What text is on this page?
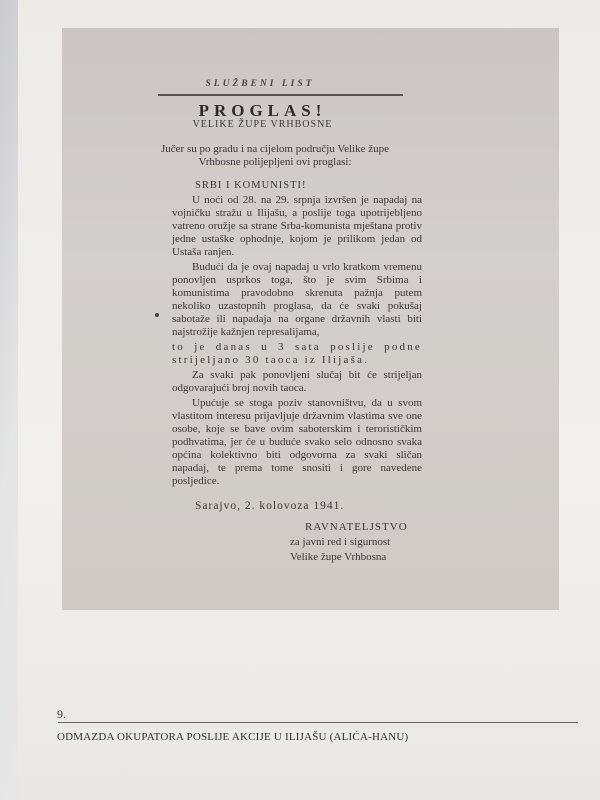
SLUŽBENI LIST
PROGLAS!
VELIKE ŽUPE VRHBOSNE
Jučer su po gradu i na cijelom području Velike župe Vrhbosne polijepljeni ovi proglasi:
SRBI I KOMUNISTI!
U noći od 28. na 29. srpnja izvršen je napadaj na vojničku stražu u Ilijašu, a poslije toga upotrijebljeno vatreno oružje sa strane Srba-komunista mještana protiv jedne ustaške ophodnje, kojom je prilikom jedan od Ustaša ranjen.
Budući da je ovaj napadaj u vrlo kratkom vremenu ponovljen usprkos toga, što je svim Srbima i komunistima pravodobno skrenuta pažnja putem nekoliko uzastopnih proglasa, da će svaki pokušaj sabotaže ili napadaja na organe državnih vlasti biti najstrožije kažnjen represalijama,
to je danas u 3 sata poslije podne strijeljano 30 taoca iz Ilijaša.
Za svaki pak ponovljeni slučaj bit će strijeljan odgovarajući broj novih taoca.
Upućuje se stoga poziv stanovništvu, da u svom vlastitom interesu prijavljuje državnim vlastima sve one osobe, koje se bave ovim saboterskim i terorističkim podhvatima, jer će u buduće svako selo odnosno svaka općina kolektivno biti odgovorna za svaki sličan napadaj, te prema tome snositi i gore navedene posljedice.
Sarajvo, 2. kolovoza 1941.
RAVNATELJSTVO
za javni red i sigurnost
Velike župe Vrhbosna
9.
ODMAZDA OKUPATORA POSLIJE AKCIJE U ILIJAŠU (ALIĆA-HANU)
